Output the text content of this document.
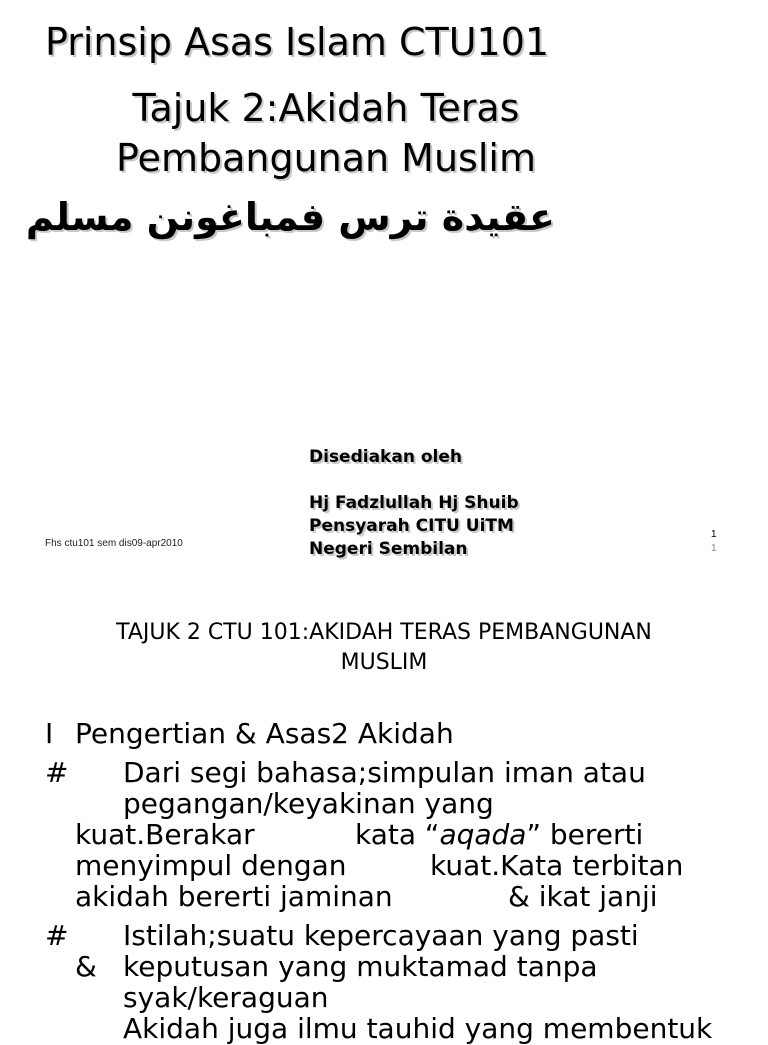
Prinsip Asas Islam CTU101
Tajuk 2:Akidah Teras
Pembangunan Muslim
عقيدة ترس فمباغونن مسلم
Disediakan oleh
Hj Fadzlullah Hj Shuib
Pensyarah CITU UiTM
Negeri Sembilan
Fhs ctu101 sem dis09-apr2010
1
1
TAJUK 2 CTU 101:AKIDAH TERAS PEMBANGUNAN
MUSLIM
I Pengertian & Asas2 Akidah
# Dari segi bahasa;simpulan iman atau
pegangan/keyakinan yang
kuat.Berakar	kata “aqada” bererti
menyimpul dengan	kuat.Kata terbitan
akidah bererti jaminan	& ikat janji
# Istilah;suatu kepercayaan yang pasti
& keputusan yang muktamad tanpa
syak/keraguan
Akidah juga ilmu tauhid yang membentuk
